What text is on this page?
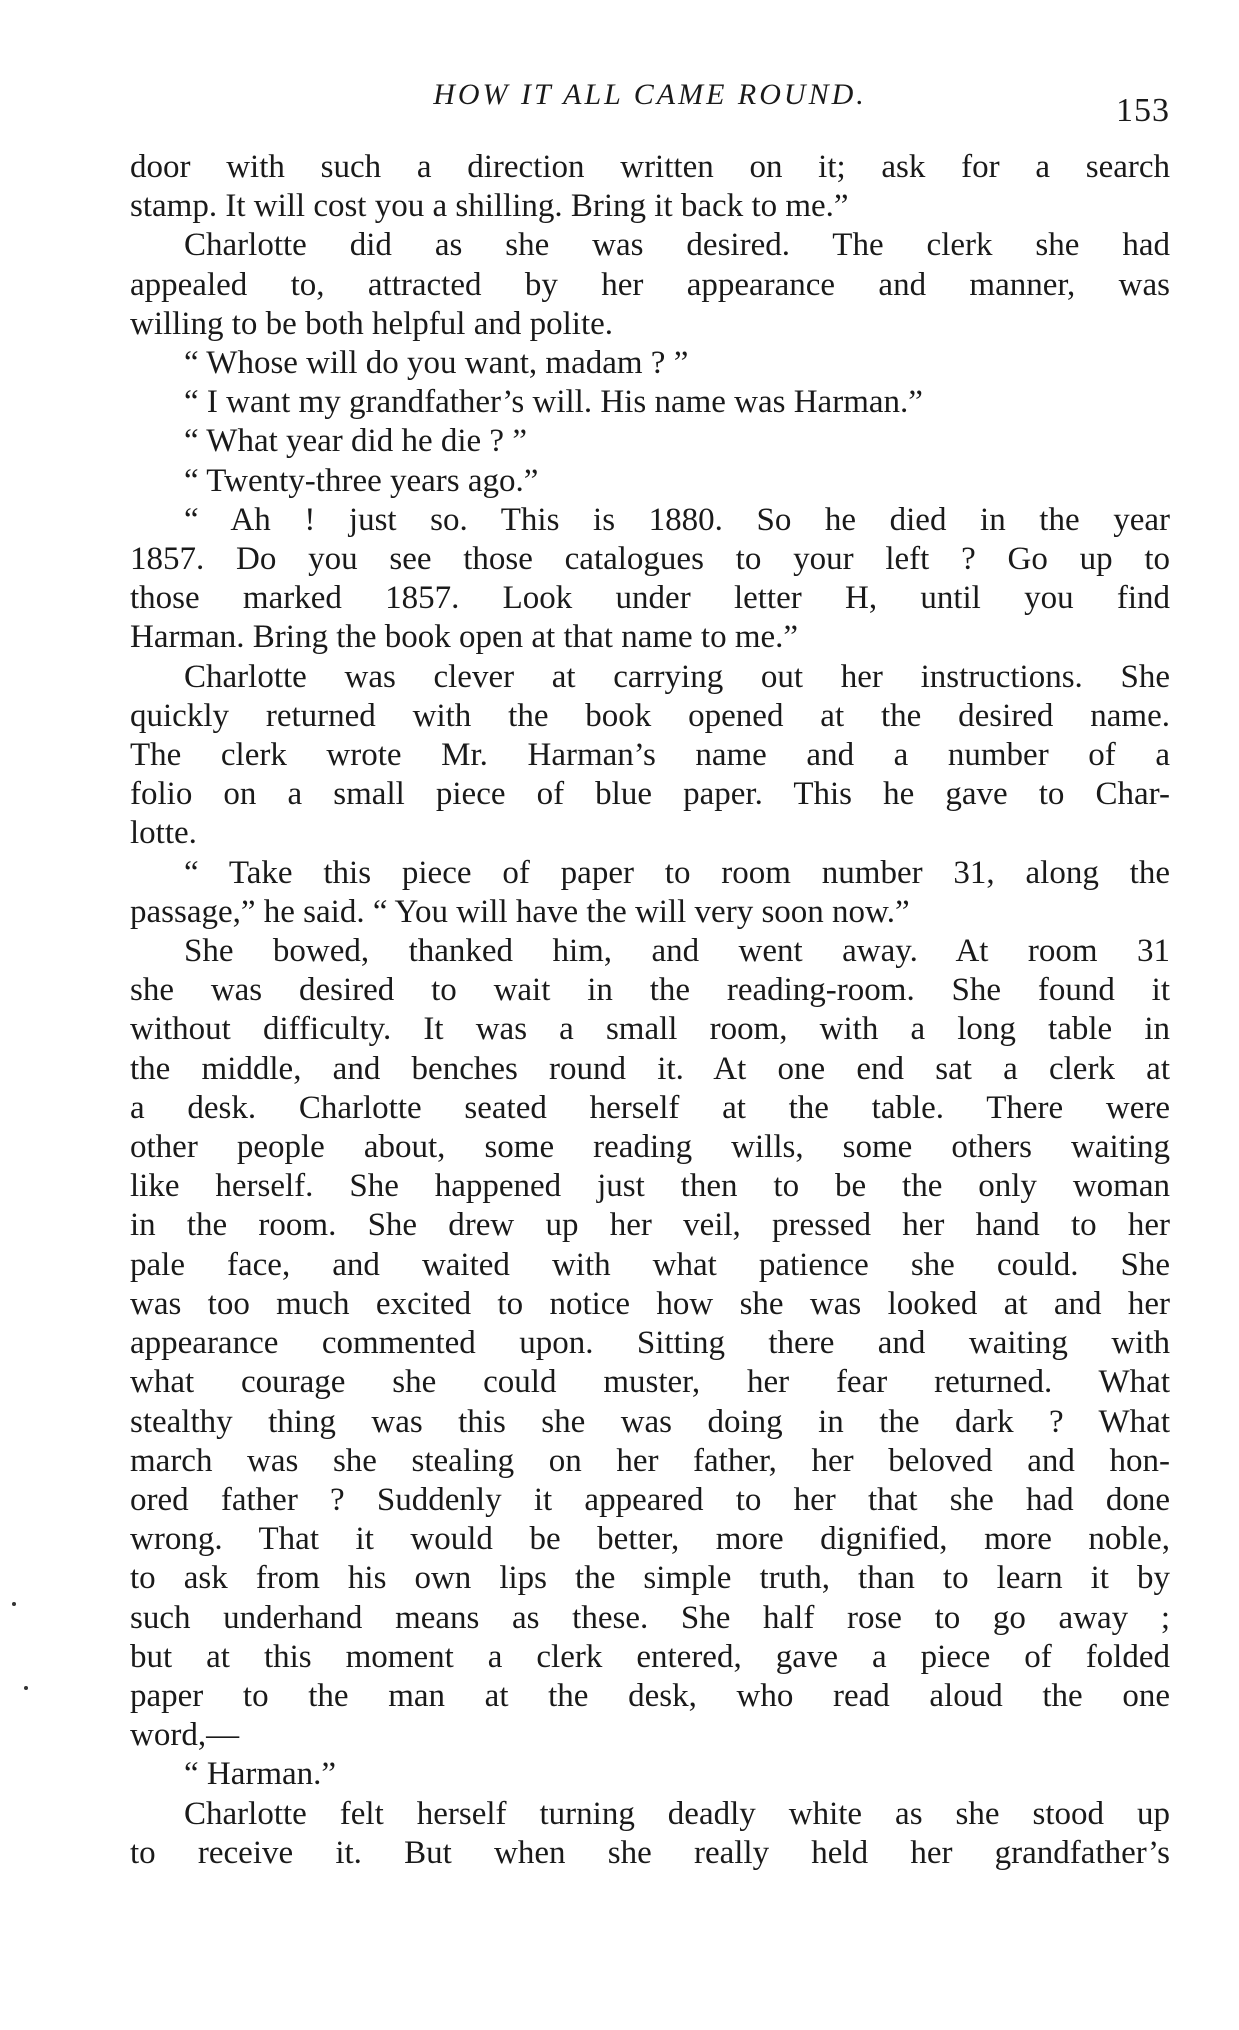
HOW IT ALL CAME ROUND.	153
door with such a direction written on it; ask for a search
stamp. It will cost you a shilling. Bring it back to me.”
Charlotte did as she was desired. The clerk she had
appealed to, attracted by her appearance and manner, was
willing to be both helpful and polite.
“ Whose will do you want, madam ? ”
“ I want my grandfather’s will. His name was Harman.”
“ What year did he die ? ”
“ Twenty-three years ago.”
“ Ah ! just so. This is 1880. So he died in the year
1857. Do you see those catalogues to your left ? Go up to
those marked 1857. Look under letter H, until you find
Harman. Bring the book open at that name to me.”
Charlotte was clever at carrying out her instructions. She
quickly returned with the book opened at the desired name.
The clerk wrote Mr. Harman’s name and a number of a
folio on a small piece of blue paper. This he gave to Char-
lotte.
“ Take this piece of paper to room number 31, along the
passage,” he said. “ You will have the will very soon now.”
She bowed, thanked him, and went away. At room 31
she was desired to wait in the reading-room. She found it
without difficulty. It was a small room, with a long table in
the middle, and benches round it. At one end sat a clerk at
a desk. Charlotte seated herself at the table. There were
other people about, some reading wills, some others waiting
like herself. She happened just then to be the only woman
in the room. She drew up her veil, pressed her hand to her
pale face, and waited with what patience she could. She
was too much excited to notice how she was looked at and her
appearance commented upon. Sitting there and waiting with
what courage she could muster, her fear returned. What
stealthy thing was this she was doing in the dark ? What
march was she stealing on her father, her beloved and hon-
ored father ? Suddenly it appeared to her that she had done
wrong. That it would be better, more dignified, more noble,
to ask from his own lips the simple truth, than to learn it by
such underhand means as these. She half rose to go away ;
but at this moment a clerk entered, gave a piece of folded
paper to the man at the desk, who read aloud the one
word,—
“ Harman.”
Charlotte felt herself turning deadly white as she stood up
to receive it. But when she really held her grandfather’s
